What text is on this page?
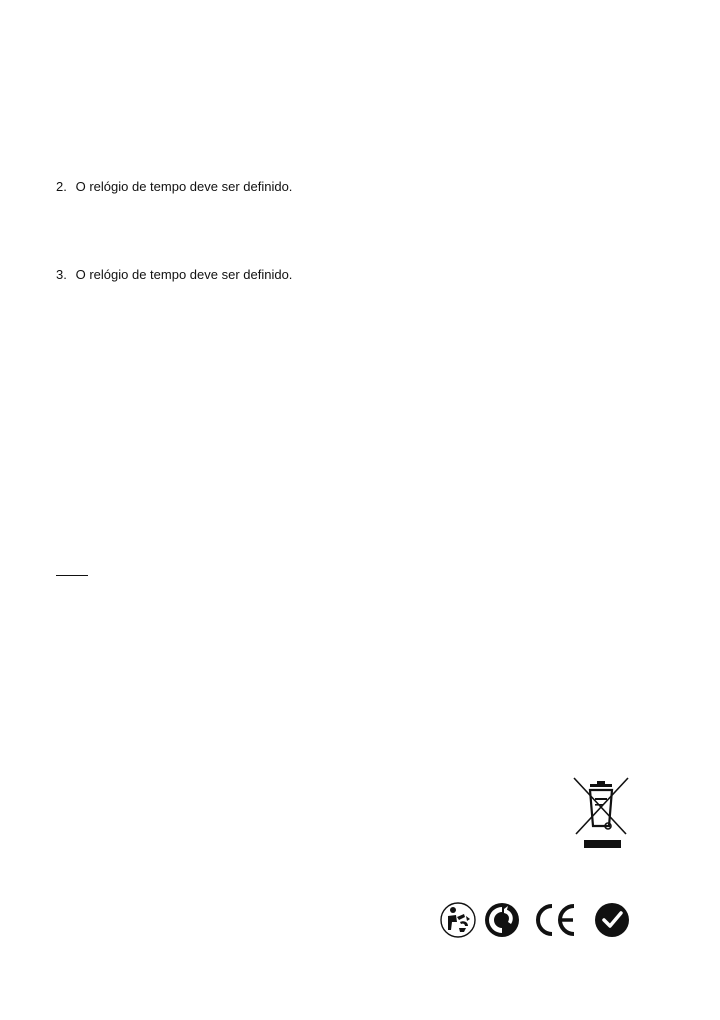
2. O relógio de tempo deve ser definido.
3. O relógio de tempo deve ser definido.
